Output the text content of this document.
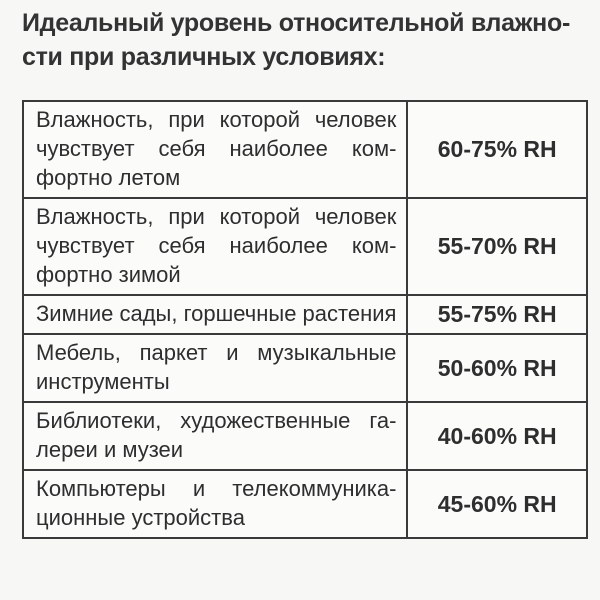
Идеальный уровень относительной влажно-
сти при различных условиях:
Влажность, при которой человек
чувствует себя наиболее ком-
фортно летом	60-75% RH

Влажность, при которой человек
чувствует себя наиболее ком-
фортно зимой	55-70% RH

Зимние сады, горшечные растения	55-75% RH

Мебель, паркет и музыкальные
инструменты	50-60% RH

Библиотеки, художественные га-
лереи и музеи	40-60% RH

Компьютеры и телекоммуника-
ционные устройства	45-60% RH
